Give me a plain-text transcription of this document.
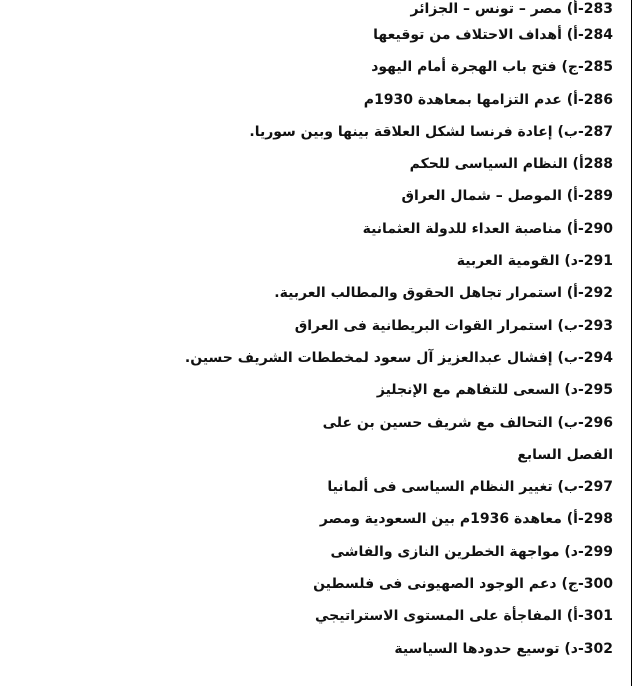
283-أ) مصر – تونس – الجزائر
284-أ) أهداف الاحتلاف من توقيعها
285-ج) فتح باب الهجرة أمام اليهود
286-أ) عدم التزامها بمعاهدة 1930م
287-ب) إعادة فرنسا لشكل العلاقة بينها وبين سوريا.
288أ) النظام السياسى للحكم
289-أ) الموصل – شمال العراق
290-أ) مناصبة العداء للدولة العثمانية
291-د) القومية العربية
292-أ) استمرار تجاهل الحقوق والمطالب العربية.
293-ب) استمرار القوات البريطانية فى العراق
294-ب) إفشال عبدالعزيز آل سعود لمخططات الشريف حسين.
295-د) السعى للتفاهم مع الإنجليز
296-ب) التحالف مع شريف حسين بن على
الفصل السابع
297-ب) تغيير النظام السياسى فى ألمانيا
298-أ) معاهدة 1936م بين السعودية ومصر
299-د) مواجهة الخطرين النازى والفاشى
300-ج) دعم الوجود الصهيونى فى فلسطين
301-أ) المفاجأة على المستوى الاستراتيجي
302-د) توسيع حدودها السياسية
